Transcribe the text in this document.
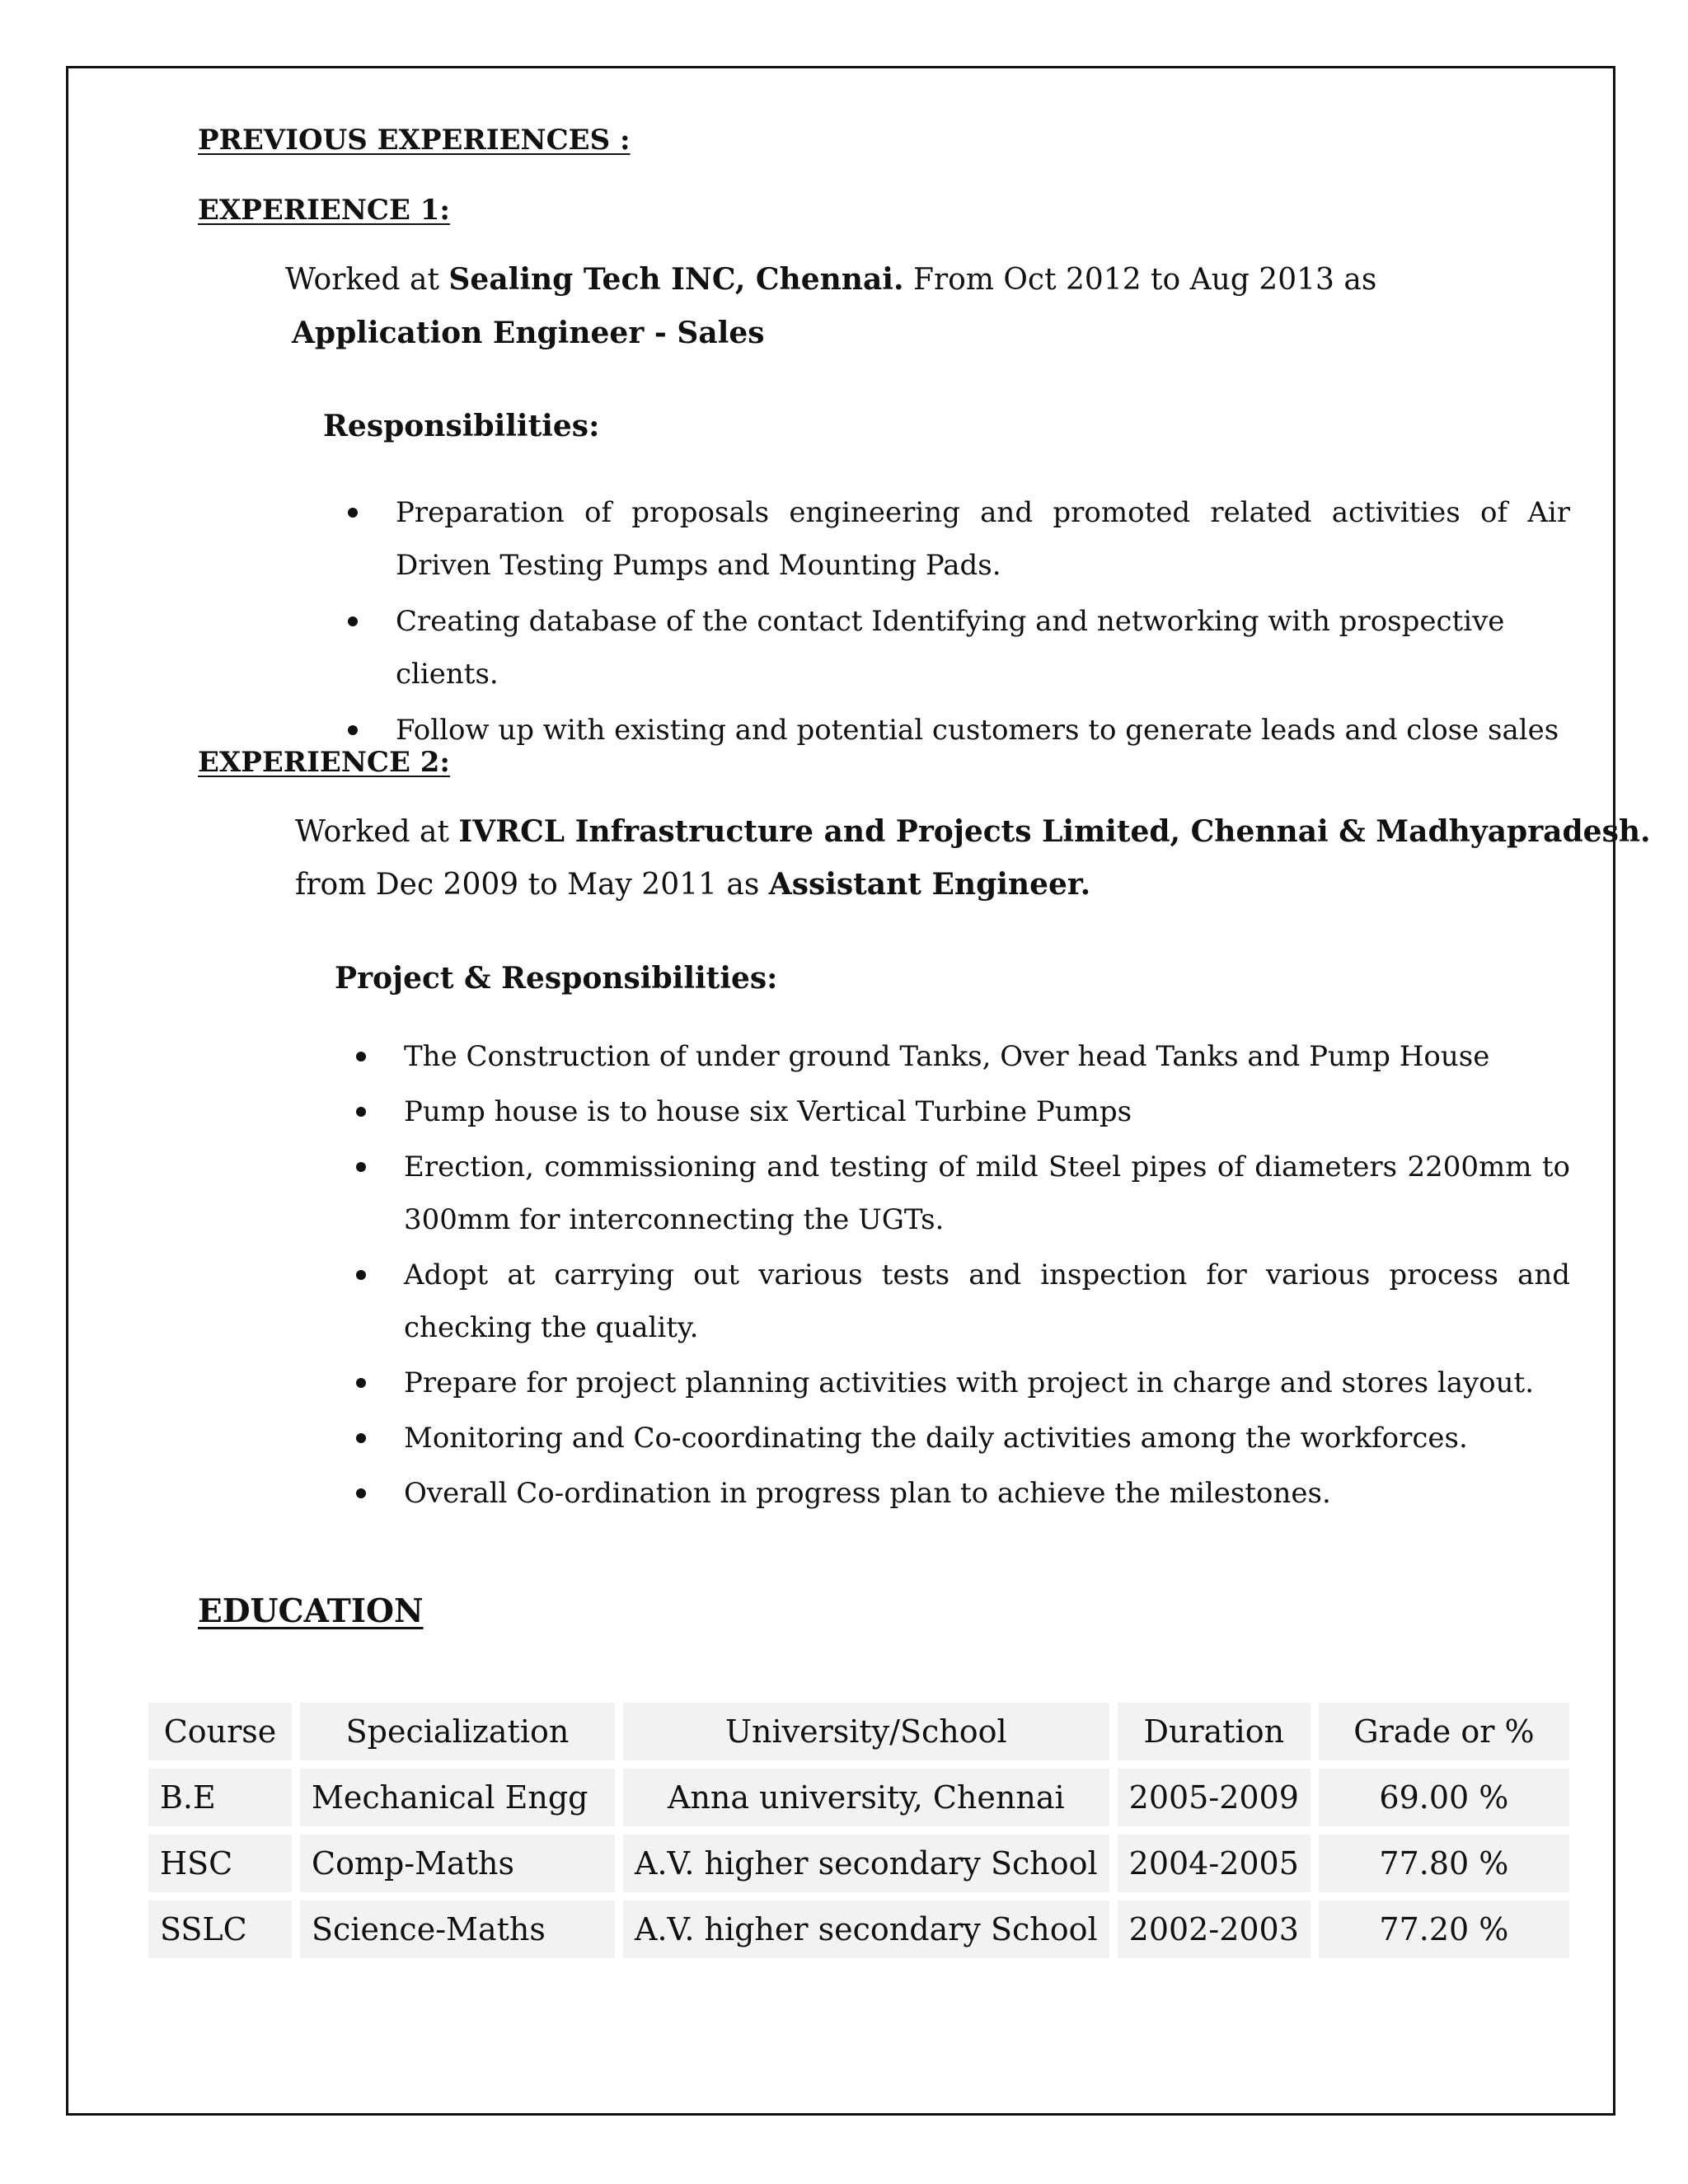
PREVIOUS EXPERIENCES :
EXPERIENCE 1:
Worked at Sealing Tech INC, Chennai. From Oct 2012 to Aug 2013 as
Application Engineer - Sales
Responsibilities:
Preparation of proposals engineering and promoted related activities of Air Driven Testing Pumps and Mounting Pads.
Creating database of the contact Identifying and networking with prospective clients.
Follow up with existing and potential customers to generate leads and close sales
EXPERIENCE 2:
Worked at IVRCL Infrastructure and Projects Limited, Chennai & Madhyapradesh.
from Dec 2009 to May 2011 as Assistant Engineer.
Project & Responsibilities:
The Construction of under ground Tanks, Over head Tanks and Pump House
Pump house is to house six Vertical Turbine Pumps
Erection, commissioning and testing of mild Steel pipes of diameters 2200mm to 300mm for interconnecting the UGTs.
Adopt at carrying out various tests and inspection for various process and checking the quality.
Prepare for project planning activities with project in charge and stores layout.
Monitoring and Co-coordinating the daily activities among the workforces.
Overall Co-ordination in progress plan to achieve the milestones.
EDUCATION
Course	Specialization	University/School	Duration	Grade or %
B.E	Mechanical Engg	Anna university, Chennai	2005-2009	69.00 %
HSC	Comp-Maths	A.V. higher secondary School	2004-2005	77.80 %
SSLC	Science-Maths	A.V. higher secondary School	2002-2003	77.20 %
